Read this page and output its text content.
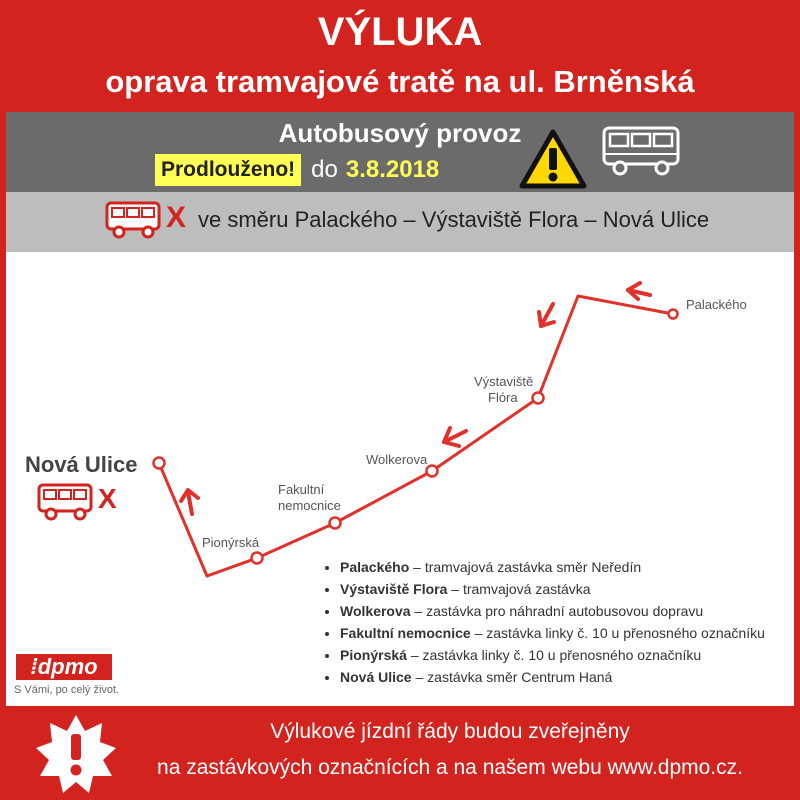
VÝLUKA
oprava tramvajové tratě na ul. Brněnská
Autobusový provoz
Prodlouženo! do 3.8.2018
X ve směru Palackého – Výstaviště Flora – Nová Ulice
Palackého
Výstaviště
Flóra
Wolkerova
Fakultní
nemocnice
Pionýrská
Nová Ulice
X
• Palackého – tramvajová zastávka směr Neředín
• Výstaviště Flora – tramvajová zastávka
• Wolkerova – zastávka pro náhradní autobusovou dopravu
• Fakultní nemocnice – zastávka linky č. 10 u přenosného označníku
• Pionýrská – zastávka linky č. 10 u přenosného označníku
• Nová Ulice – zastávka směr Centrum Haná
⁞dpmo
S Vámi, po celý život.
Výlukové jízdní řády budou zveřejněny
na zastávkových označnících a na našem webu www.dpmo.cz.
